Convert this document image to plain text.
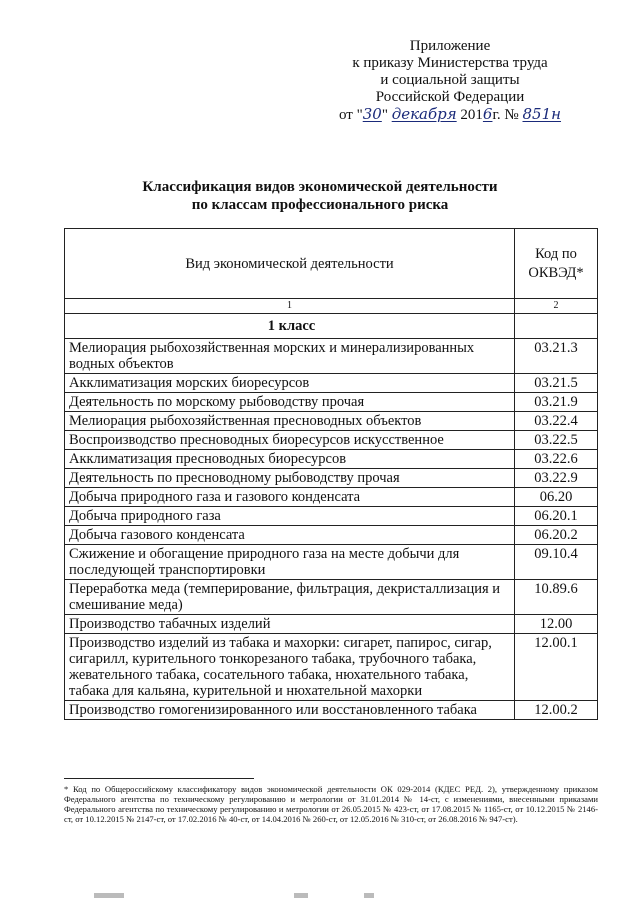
Приложение
к приказу Министерства труда
и социальной защиты
Российской Федерации
от "30" декабря 2016г. № 851н
Классификация видов экономической деятельности
по классам профессионального риска
Вид экономической деятельности	Код по ОКВЭД*
1	2
1 класс	
Мелиорация рыбохозяйственная морских и минерализированных водных объектов	03.21.3
Акклиматизация морских биоресурсов	03.21.5
Деятельность по морскому рыбоводству прочая	03.21.9
Мелиорация рыбохозяйственная пресноводных объектов	03.22.4
Воспроизводство пресноводных биоресурсов искусственное	03.22.5
Акклиматизация пресноводных биоресурсов	03.22.6
Деятельность по пресноводному рыбоводству прочая	03.22.9
Добыча природного газа и газового конденсата	06.20
Добыча природного газа	06.20.1
Добыча газового конденсата	06.20.2
Сжижение и обогащение природного газа на месте добычи для последующей транспортировки	09.10.4
Переработка меда (темперирование, фильтрация, декристаллизация и смешивание меда)	10.89.6
Производство табачных изделий	12.00
Производство изделий из табака и махорки: сигарет, папирос, сигар, сигарилл, курительного тонкорезаного табака, трубочного табака, жевательного табака, сосательного табака, нюхательного табака, табака для кальяна, курительной и нюхательной махорки	12.00.1
Производство гомогенизированного или восстановленного табака	12.00.2
* Код по Общероссийскому классификатору видов экономической деятельности ОК 029-2014 (КДЕС РЕД. 2), утвержденному приказом Федерального агентства по техническому регулированию и метрологии от 31.01.2014 № 14-ст, с изменениями, внесенными приказами Федерального агентства по техническому регулированию и метрологии от 26.05.2015 № 423-ст, от 17.08.2015 № 1165-ст, от 10.12.2015 № 2146-ст, от 10.12.2015 № 2147-ст, от 17.02.2016 № 40-ст, от 14.04.2016 № 260-ст, от 12.05.2016 № 310-ст, от 26.08.2016 № 947-ст).
